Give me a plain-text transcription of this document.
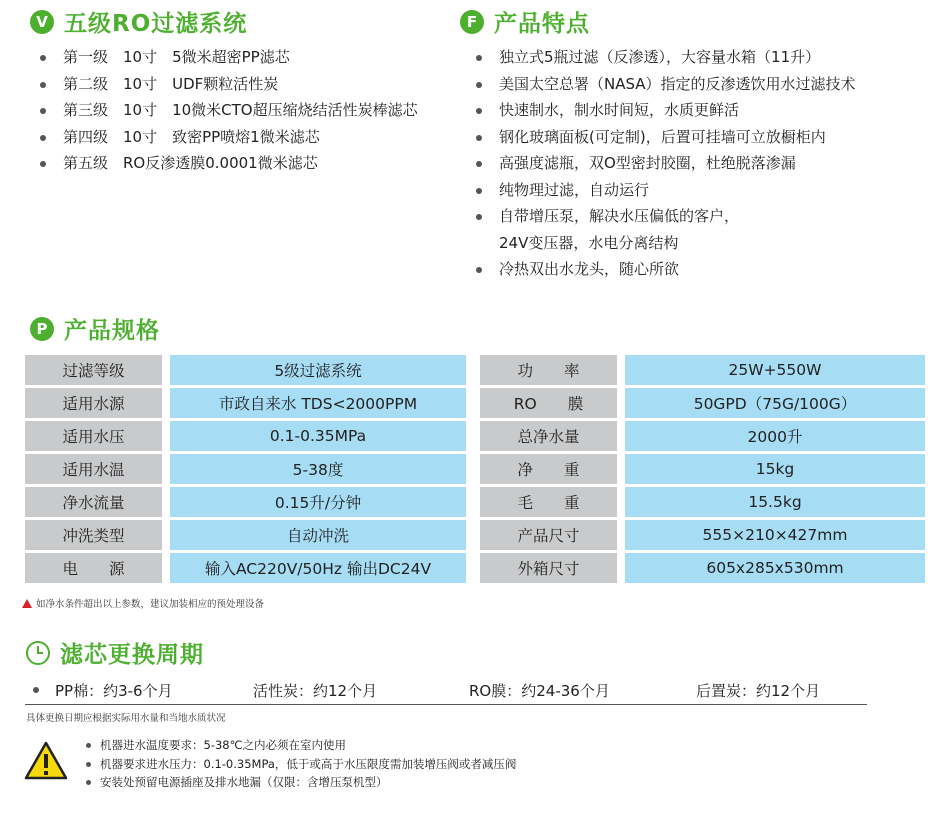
V 五级RO过滤系统
第一级　10寸　5微米超密PP滤芯
第二级　10寸　UDF颗粒活性炭
第三级　10寸　10微米CTO超压缩烧结活性炭棒滤芯
第四级　10寸　致密PP喷熔1微米滤芯
第五级　RO反渗透膜0.0001微米滤芯
F 产品特点
独立式5瓶过滤（反渗透），大容量水箱（11升）
美国太空总署（NASA）指定的反渗透饮用水过滤技术
快速制水，制水时间短，水质更鲜活
钢化玻璃面板(可定制)，后置可挂墙可立放橱柜内
高强度滤瓶，双O型密封胶圈，杜绝脱落渗漏
纯物理过滤，自动运行
自带增压泵，解决水压偏低的客户，
24V变压器，水电分离结构
冷热双出水龙头，随心所欲
P 产品规格
过滤等级	5级过滤系统		功　　率	25W+550W
适用水源	市政自来水 TDS<2000PPM		RO　　膜	50GPD（75G/100G）
适用水压	0.1-0.35MPa		总净水量	2000升
适用水温	5-38度		净　　重	15kg
净水流量	0.15升/分钟		毛　　重	15.5kg
冲洗类型	自动冲洗		产品尺寸	555×210×427mm
电　　源	输入AC220V/50Hz 输出DC24V		外箱尺寸	605x285x530mm
如净水条件超出以上参数，建议加装相应的预处理设备
滤芯更换周期
PP棉：约3-6个月	活性炭：约12个月	RO膜：约24-36个月	后置炭：约12个月
具体更换日期应根据实际用水量和当地水质状况
机器进水温度要求：5-38℃之内必须在室内使用
机器要求进水压力：0.1-0.35MPa，低于或高于水压限度需加装增压阀或者减压阀
安装处预留电源插座及排水地漏（仅限：含增压泵机型）
